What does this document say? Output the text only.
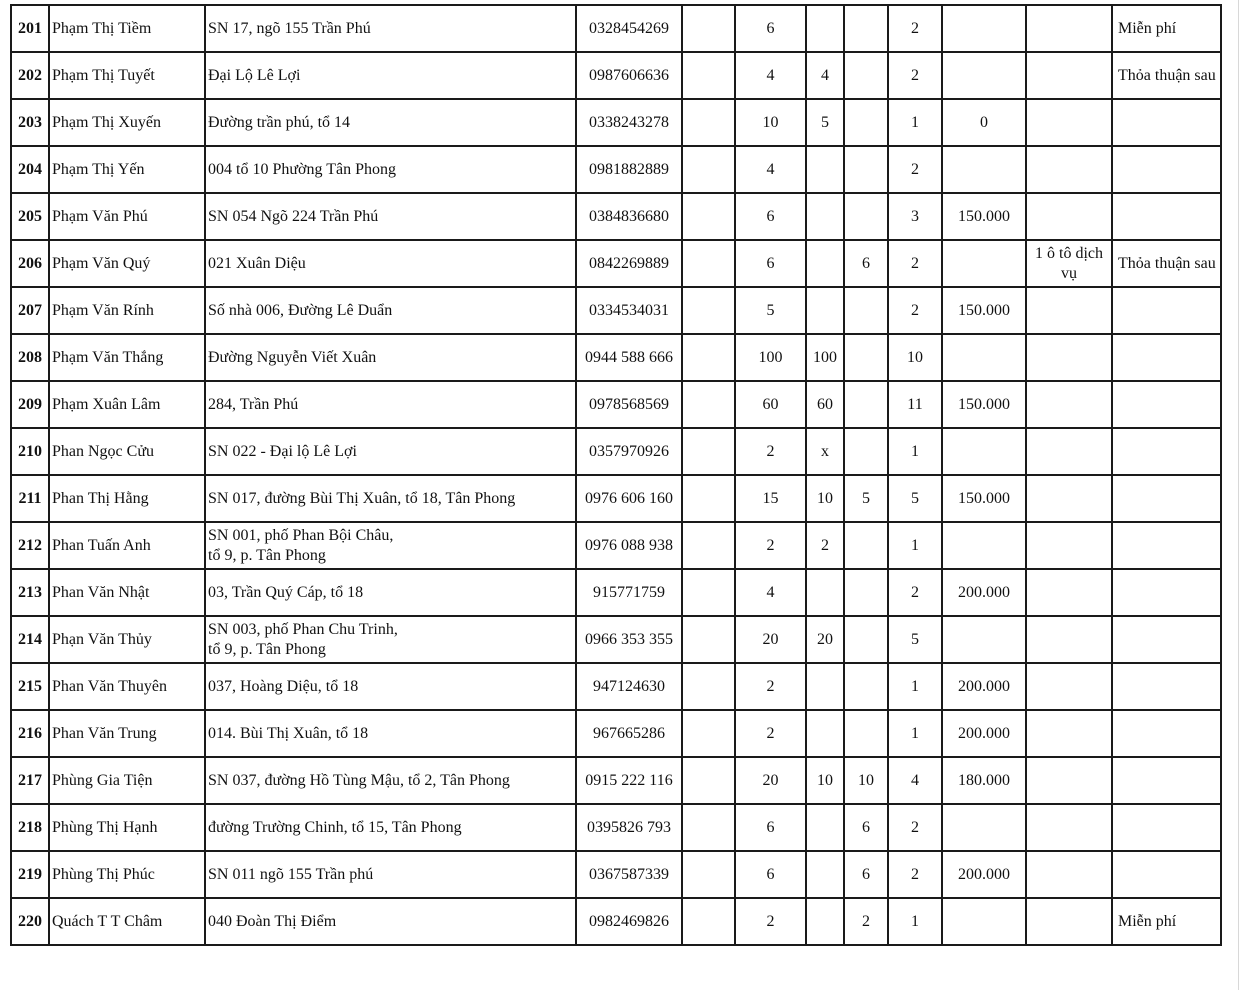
201	Phạm Thị Tiềm	SN 17, ngõ 155 Trần Phú	0328454269		6			2			Miễn phí
202	Phạm Thị Tuyết	Đại Lộ Lê Lợi	0987606636		4	4		2			Thỏa thuận sau
203	Phạm Thị Xuyến	Đường trần phú, tổ 14	0338243278		10	5		1	0		
204	Phạm Thị Yến	004 tổ 10 Phường Tân Phong	0981882889		4			2			
205	Phạm Văn Phú	SN 054 Ngõ 224 Trần Phú	0384836680		6			3	150.000		
206	Phạm Văn Quý	021 Xuân Diệu	0842269889		6		6	2		1 ô tô dịch vụ	Thỏa thuận sau
207	Phạm Văn Rính	Số nhà 006, Đường Lê Duẩn	0334534031		5			2	150.000		
208	Phạm Văn Thắng	Đường Nguyễn Viết Xuân	0944 588 666		100	100		10			
209	Phạm Xuân Lâm	284, Trần Phú	0978568569		60	60		11	150.000		
210	Phan Ngọc Cửu	SN 022 - Đại lộ Lê Lợi	0357970926		2	x		1			
211	Phan Thị Hằng	SN 017, đường Bùi Thị Xuân, tổ 18, Tân Phong	0976 606 160		15	10	5	5	150.000		
212	Phan Tuấn Anh	SN 001, phố Phan Bội Châu,
tổ 9, p. Tân Phong	0976 088 938		2	2		1			
213	Phan Văn Nhật	03, Trần Quý Cáp, tổ 18	915771759		4			2	200.000		
214	Phạn Văn Thủy	SN 003, phố Phan Chu Trinh,
tổ 9, p. Tân Phong	0966 353 355		20	20		5			
215	Phan Văn Thuyên	037, Hoàng Diệu, tổ 18	947124630		2			1	200.000		
216	Phan Văn Trung	014. Bùi Thị Xuân, tổ 18	967665286		2			1	200.000		
217	Phùng Gia Tiện	SN 037, đường Hồ Tùng Mậu, tổ 2, Tân Phong	0915 222 116		20	10	10	4	180.000		
218	Phùng Thị Hạnh	đường Trường Chinh, tổ 15, Tân Phong	0395826 793		6		6	2			
219	Phùng Thị Phúc	SN 011 ngõ 155 Trần phú	0367587339		6		6	2	200.000		
220	Quách T T Châm	040 Đoàn Thị Điểm	0982469826		2		2	1			Miễn phí
